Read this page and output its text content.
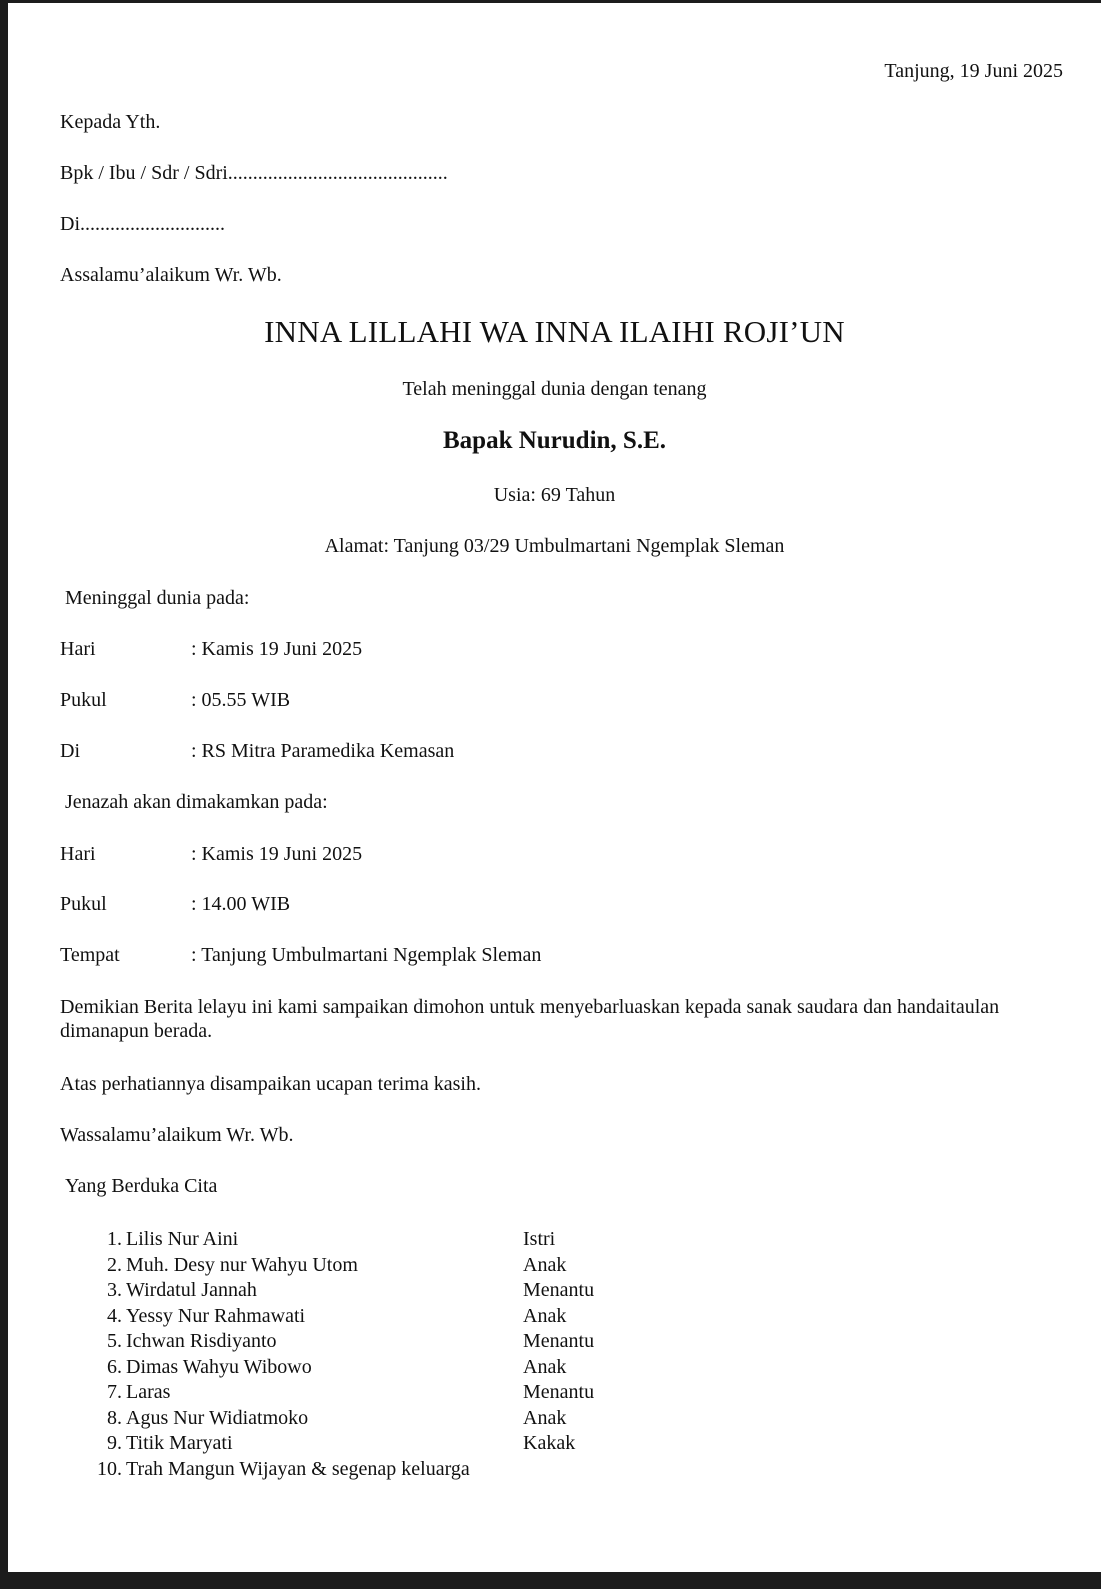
Tanjung, 19 Juni 2025
Kepada Yth.
Bpk / Ibu / Sdr / Sdri............................................
Di.............................
Assalamu’alaikum Wr. Wb.
INNA LILLAHI WA INNA ILAIHI ROJI’UN
Telah meninggal dunia dengan tenang
Bapak Nurudin, S.E.
Usia: 69 Tahun
Alamat: Tanjung 03/29 Umbulmartani Ngemplak Sleman
Meninggal dunia pada:
Hari	: Kamis 19 Juni 2025
Pukul	: 05.55 WIB
Di	: RS Mitra Paramedika Kemasan
Jenazah akan dimakamkan pada:
Hari	: Kamis 19 Juni 2025
Pukul	: 14.00 WIB
Tempat	: Tanjung Umbulmartani Ngemplak Sleman
Demikian Berita lelayu ini kami sampaikan dimohon untuk menyebarluaskan kepada sanak saudara dan handaitaulan dimanapun berada.
Atas perhatiannya disampaikan ucapan terima kasih.
Wassalamu’alaikum Wr. Wb.
Yang Berduka Cita
1. Lilis Nur Aini	Istri
2. Muh. Desy nur Wahyu Utom	Anak
3. Wirdatul Jannah	Menantu
4. Yessy Nur Rahmawati	Anak
5. Ichwan Risdiyanto	Menantu
6. Dimas Wahyu Wibowo	Anak
7. Laras	Menantu
8. Agus Nur Widiatmoko	Anak
9. Titik Maryati	Kakak
10. Trah Mangun Wijayan & segenap keluarga
